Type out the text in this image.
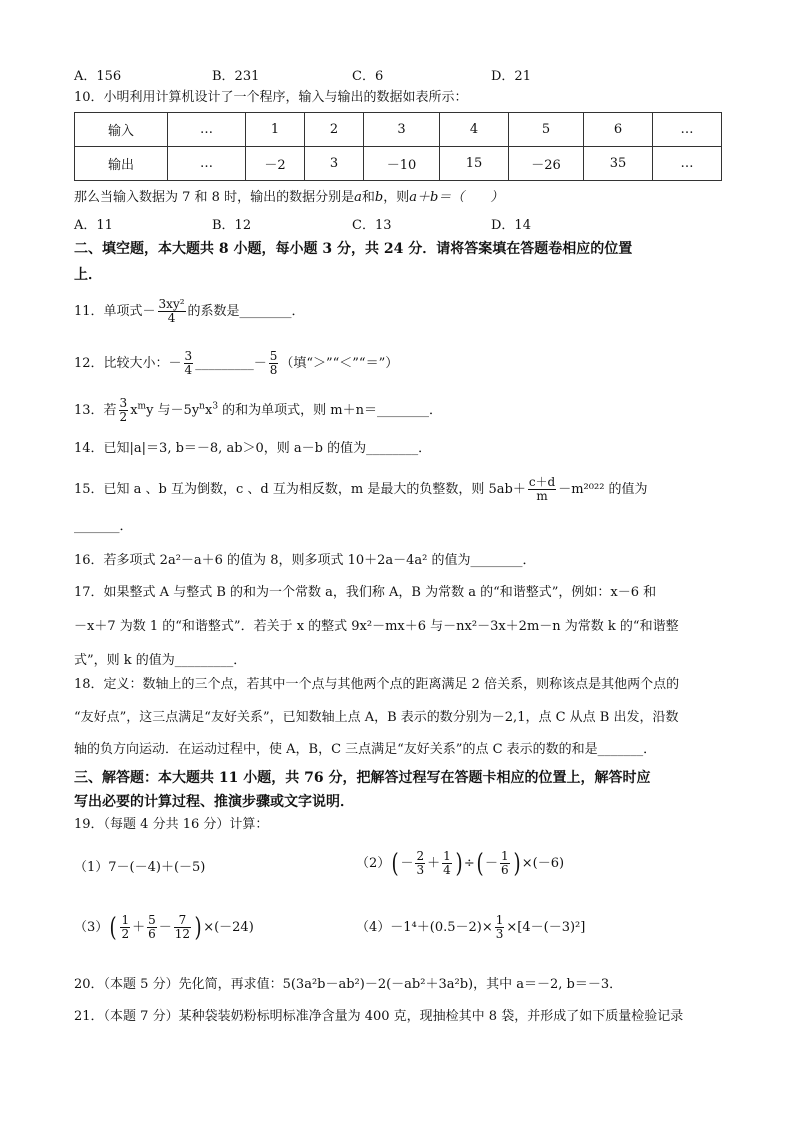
A．156	B．231	C．6	D．21
10．小明利用计算机设计了一个程序，输入与输出的数据如表所示：
输入	…	1	2	3	4	5	6	…
输出	…	－2	3	－10	15	－26	35	…
那么当输入数据为 7 和 8 时，输出的数据分别是a和b，则a＋b＝（　　）
A．11	B．12	C．13	D．14
二、填空题，本大题共 8 小题，每小题 3 分，共 24 分．请将答案填在答题卷相应的位置
上．
11．单项式－ $\frac{\text{3xy²}}{4}$ 的系数是________．
12．比较大小：－ $\frac{3}{4}$ _________－ $\frac{5}{8}$ （填“＞”“＜”“＝”）
13．若 $\frac{3}{2} x^my$ 与$-5y^nx^3$ 的和为单项式，则 m＋n＝________．
14．已知|a|＝3, b＝－8, ab＞0，则 a－b 的值为________．
15．已知 a 、b 互为倒数，c 、d 互为相反数，m 是最大的负整数，则 $5ab+ \frac{c+d}{m} -m^{2022}$ 的值为
_______．
16．若多项式 2a²－a＋6 的值为 8，则多项式 10＋2a－4a² 的值为________．
17．如果整式 A 与整式 B 的和为一个常数 a，我们称 A，B 为常数 a 的“和谐整式”，例如：x－6 和
－x＋7 为数 1 的“和谐整式”．若关于 x 的整式 9x²－mx＋6 与－nx²－3x＋2m－n 为常数 k 的“和谐整
式”，则 k 的值为_________．
18．定义：数轴上的三个点，若其中一个点与其他两个点的距离满足 2 倍关系，则称该点是其他两个点的
“友好点”，这三点满足“友好关系”，已知数轴上点 A，B 表示的数分别为－2,1，点 C 从点 B 出发，沿数
轴的负方向运动．在运动过程中，使 A，B，C 三点满足“友好关系”的点 C 表示的数的和是_______．
三、解答题：本大题共 11 小题，共 76 分，把解答过程写在答题卡相应的位置上，解答时应
写出必要的计算过程、推演步骤或文字说明．
19．（每题 4 分共 16 分）计算：
（1）7－(－4)＋(－5)	$(2)( - \frac{2}{3} + \frac{1}{4}$ ) ÷( － $\frac{1}{6}$ ) ×(－6)
$(3)( \frac{1}{2} + \frac{5}{6} - \frac{7}{12}$ ) ×(－24)	$(4)-1^4+(0.5-2)\times \frac{1}{3} \times[4-(-3)^2]$
20．（本题 5 分）先化简，再求值：5(3a²b－ab²)－2(－ab²＋3a²b)，其中 a＝－2, b＝－3．
21．（本题 7 分）某种袋装奶粉标明标准净含量为 400 克，现抽检其中 8 袋，并形成了如下质量检验记录
